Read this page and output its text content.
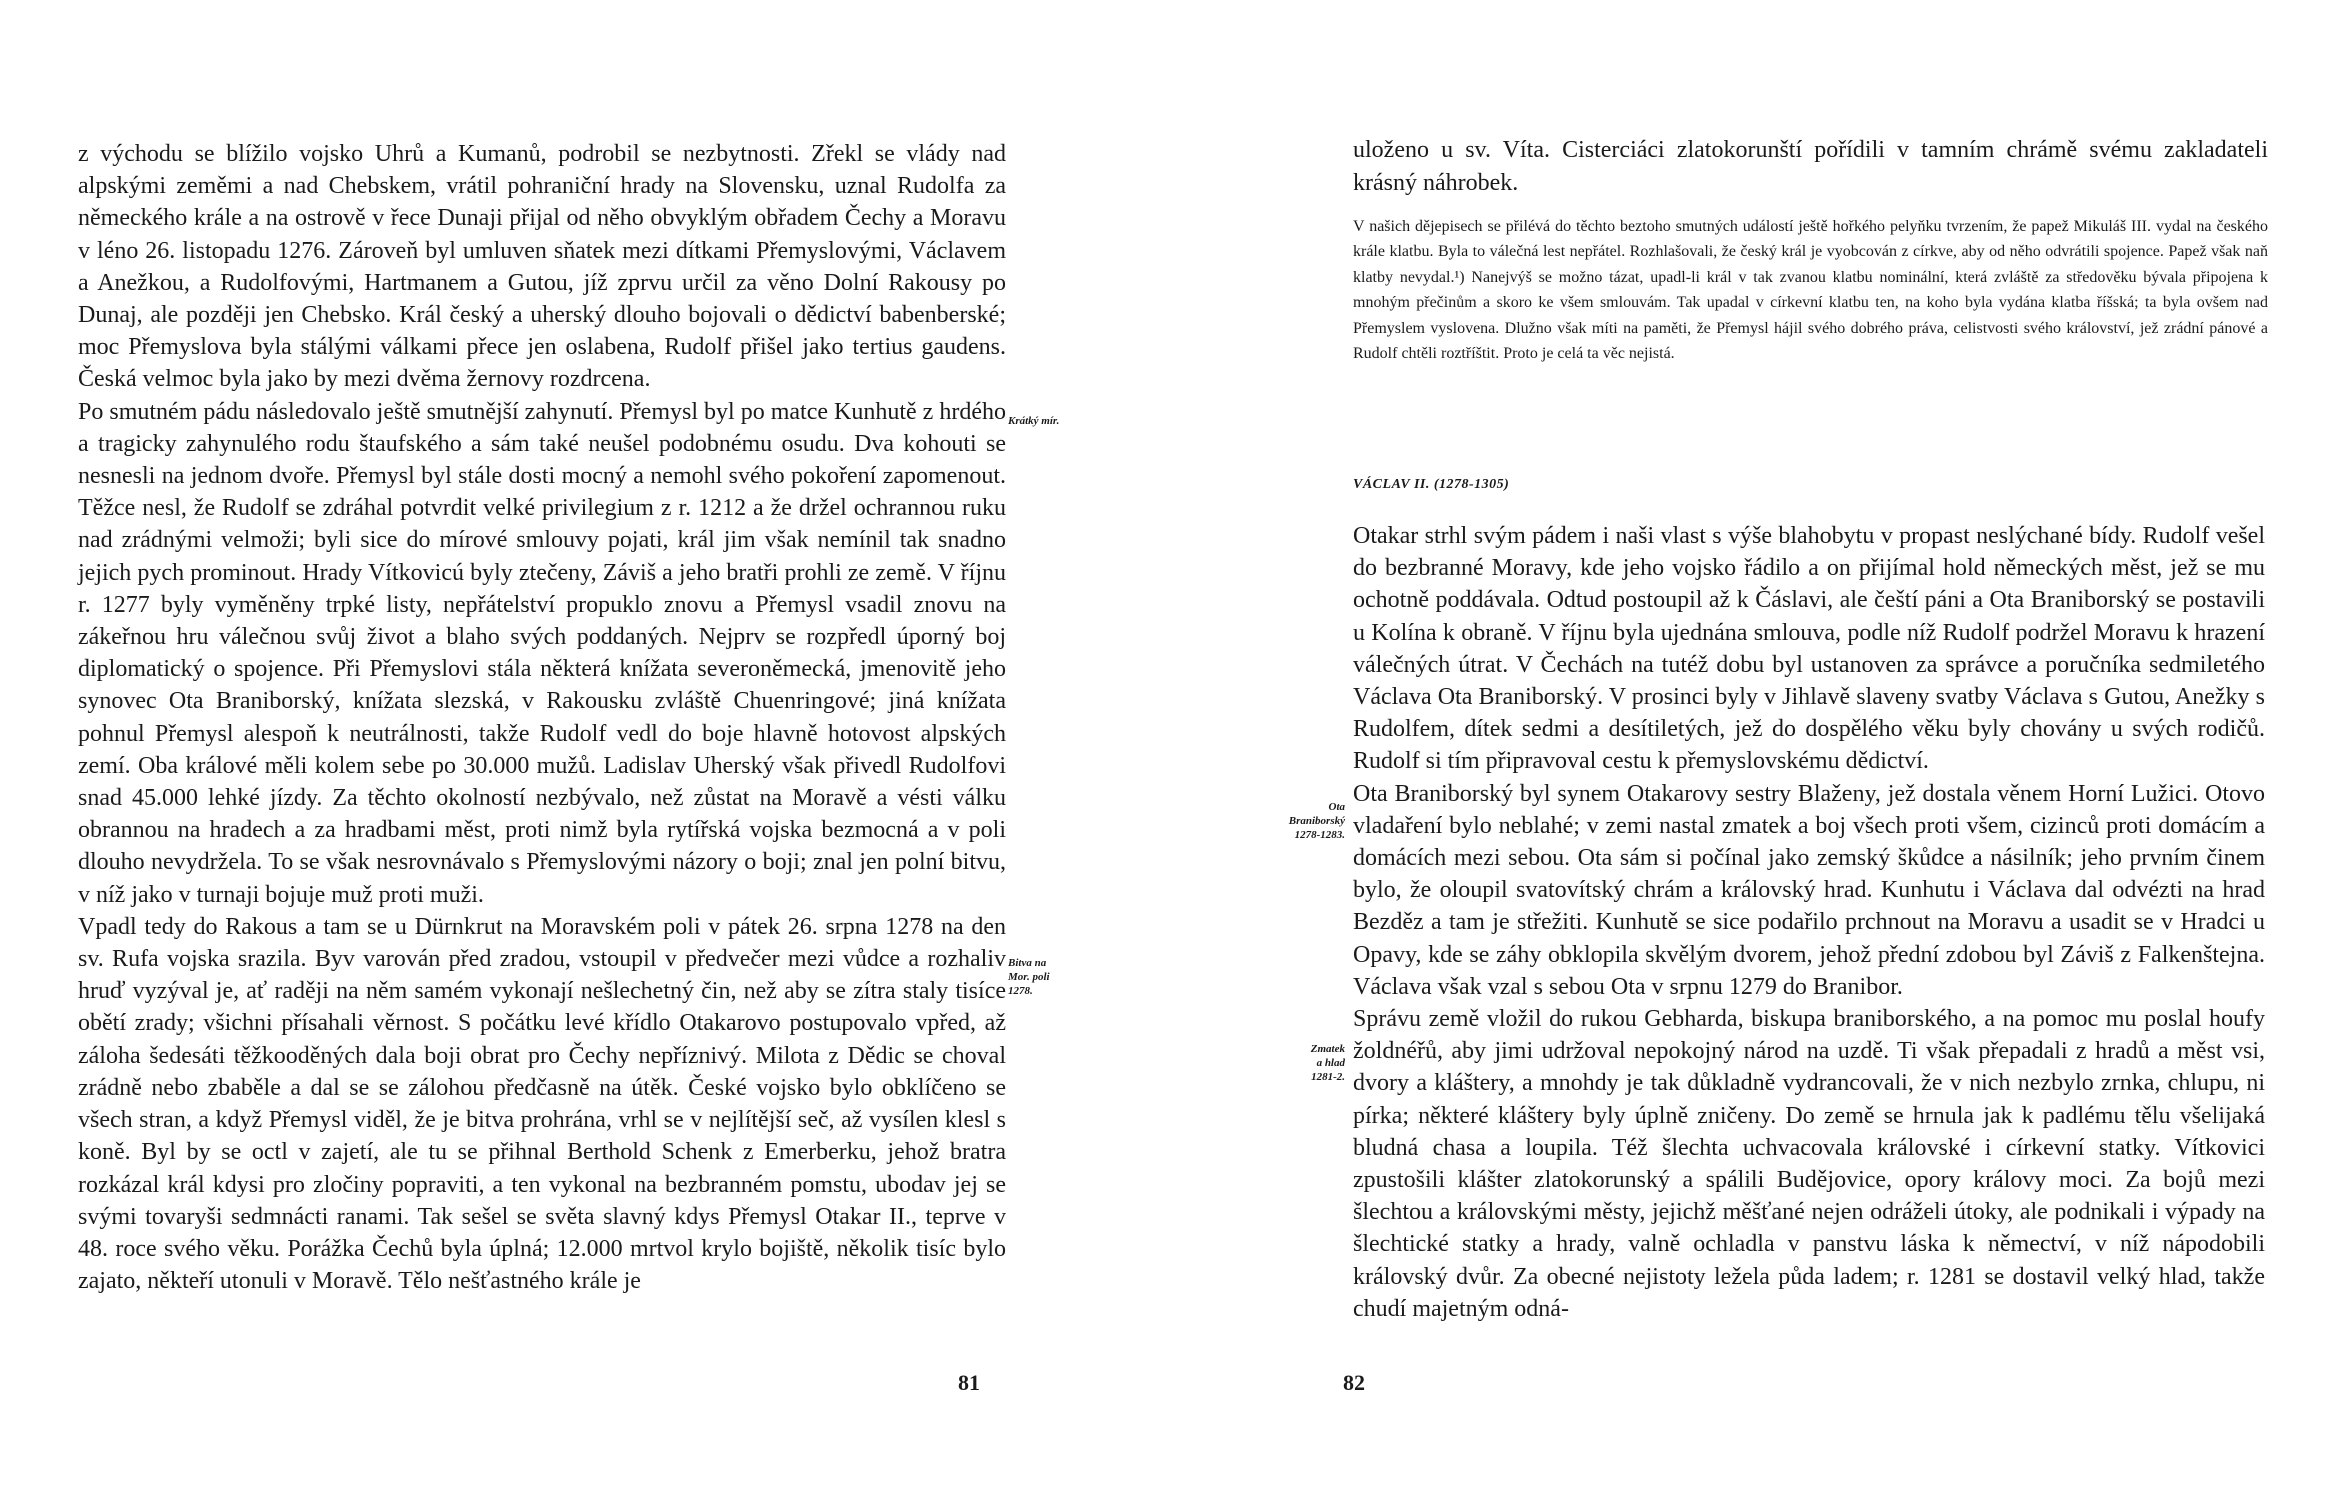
z východu se blížilo vojsko Uhrů a Kumanů, podrobil se nezbytnosti. Zřekl se vlády nad alpskými zeměmi a nad Chebskem, vrátil pohraniční hrady na Slovensku, uznal Rudolfa za německého krále a na ostrově v řece Dunaji přijal od něho obvyklým obřadem Čechy a Moravu v léno 26. listopadu 1276. Zároveň byl umluven sňatek mezi dítkami Přemyslovými, Václavem a Anežkou, a Rudolfovými, Hartmanem a Gutou, jíž zprvu určil za věno Dolní Rakousy po Dunaj, ale později jen Chebsko. Král český a uherský dlouho bojovali o dědictví babenberské; moc Přemyslova byla stálými válkami přece jen oslabena, Rudolf přišel jako tertius gaudens. Česká velmoc byla jako by mezi dvěma žernovy rozdrcena.

Po smutném pádu následovalo ještě smutnější zahynutí. Přemysl byl po matce Kunhutě z hrdého a tragicky zahynulého rodu štaufského a sám také neušel podobnému osudu. Dva kohouti se nesnesli na jednom dvoře. Přemysl byl stále dosti mocný a nemohl svého pokoření zapomenout. Těžce nesl, že Rudolf se zdráhal potvrdit velké privilegium z r. 1212 a že držel ochrannou ruku nad zrádnými velmoži; byli sice do mírové smlouvy pojati, král jim však nemínil tak snadno jejich pych prominout. Hrady Vítkovicú byly ztečeny, Záviš a jeho bratři prohli ze země. V říjnu r. 1277 byly vyměněny trpké listy, nepřátelství propuklo znovu a Přemysl vsadil znovu na zákeřnou hru válečnou svůj život a blaho svých poddaných. Nejprv se rozpředl úporný boj diplomatický o spojence. Při Přemyslovi stála některá knížata severoněmecká, jmenovitě jeho synovec Ota Braniborský, knížata slezská, v Rakousku zvláště Chuenringové; jiná knížata pohnul Přemysl alespoň k neutrálnosti, takže Rudolf vedl do boje hlavně hotovost alpských zemí. Oba králové měli kolem sebe po 30.000 mužů. Ladislav Uherský však přivedl Rudolfovi snad 45.000 lehké jízdy. Za těchto okolností nezbývalo, než zůstat na Moravě a vésti válku obrannou na hradech a za hradbami měst, proti nimž byla rytířská vojska bezmocná a v poli dlouho nevydržela. To se však nesrovnávalo s Přemyslovými názory o boji; znal jen polní bitvu, v níž jako v turnaji bojuje muž proti muži.

Vpadl tedy do Rakous a tam se u Dürnkrut na Moravském poli v pátek 26. srpna 1278 na den sv. Rufa vojska srazila. Byv varován před zradou, vstoupil v předvečer mezi vůdce a rozhaliv hruď vyzýval je, ať raději na něm samém vykonají nešlechetný čin, než aby se zítra staly tisíce obětí zrady; všichni přísahali věrnost. S počátku levé křídlo Otakarovo postupovalo vpřed, až záloha šedesáti těžkooděných dala boji obrat pro Čechy nepříznivý. Milota z Dědic se choval zrádně nebo zbaběle a dal se se zálohou předčasně na útěk. České vojsko bylo obklíčeno se všech stran, a když Přemysl viděl, že je bitva prohrána, vrhl se v nejlítější seč, až vysílen klesl s koně. Byl by se octl v zajetí, ale tu se přihnal Berthold Schenk z Emerberku, jehož bratra rozkázal král kdysi pro zločiny popraviti, a ten vykonal na bezbranném pomstu, ubodav jej se svými tovaryši sedmnácti ranami. Tak sešel se světa slavný kdys Přemysl Otakar II., teprve v 48. roce svého věku. Porážka Čechů byla úplná; 12.000 mrtvol krylo bojiště, několik tisíc bylo zajato, někteří utonuli v Moravě. Tělo nešťastného krále je

Krátký mír.
Bitva na
Mor. poli
1278.

81

uloženo u sv. Víta. Cisterciáci zlatokorunští pořídili v tamním chrámě svému zakladateli krásný náhrobek.

V našich dějepisech se přilévá do těchto beztoho smutných událostí ještě hořkého pelyňku tvrzením, že papež Mikuláš III. vydal na českého krále klatbu. Byla to válečná lest nepřátel. Rozhlašovali, že český král je vyobcován z církve, aby od něho odvrátili spojence. Papež však naň klatby nevydal.¹) Nanejvýš se možno tázat, upadl-li král v tak zvanou klatbu nominální, která zvláště za středověku bývala připojena k mnohým přečinům a skoro ke všem smlouvám. Tak upadal v církevní klatbu ten, na koho byla vydána klatba říšská; ta byla ovšem nad Přemyslem vyslovena. Dlužno však míti na paměti, že Přemysl hájil svého dobrého práva, celistvosti svého království, jež zrádní pánové a Rudolf chtěli roztříštit. Proto je celá ta věc nejistá.

VÁCLAV II. (1278-1305)

Otakar strhl svým pádem i naši vlast s výše blahobytu v propast neslýchané bídy. Rudolf vešel do bezbranné Moravy, kde jeho vojsko řádilo a on přijímal hold německých měst, jež se mu ochotně poddávala. Odtud postoupil až k Čáslavi, ale čeští páni a Ota Braniborský se postavili u Kolína k obraně. V říjnu byla ujednána smlouva, podle níž Rudolf podržel Moravu k hrazení válečných útrat. V Čechách na tutéž dobu byl ustanoven za správce a poručníka sedmiletého Václava Ota Braniborský. V prosinci byly v Jihlavě slaveny svatby Václava s Gutou, Anežky s Rudolfem, dítek sedmi a desítiletých, jež do dospělého věku byly chovány u svých rodičů. Rudolf si tím připravoval cestu k přemyslovskému dědictví.

Ota Braniborský byl synem Otakarovy sestry Blaženy, jež dostala věnem Horní Lužici. Otovo vladaření bylo neblahé; v zemi nastal zmatek a boj všech proti všem, cizinců proti domácím a domácích mezi sebou. Ota sám si počínal jako zemský škůdce a násilník; jeho prvním činem bylo, že oloupil svatovítský chrám a královský hrad. Kunhutu i Václava dal odvézti na hrad Bezděz a tam je střežiti. Kunhutě se sice podařilo prchnout na Moravu a usadit se v Hradci u Opavy, kde se záhy obklopila skvělým dvorem, jehož přední zdobou byl Záviš z Falkenštejna. Václava však vzal s sebou Ota v srpnu 1279 do Branibor.

Správu země vložil do rukou Gebharda, biskupa braniborského, a na pomoc mu poslal houfy žoldnéřů, aby jimi udržoval nepokojný národ na uzdě. Ti však přepadali z hradů a měst vsi, dvory a kláštery, a mnohdy je tak důkladně vydrancovali, že v nich nezbylo zrnka, chlupu, ni pírka; některé kláštery byly úplně zničeny. Do země se hrnula jak k padlému tělu všelijaká bludná chasa a loupila. Též šlechta uchvacovala královské i církevní statky. Vítkovici zpustošili klášter zlatokorunský a spálili Budějovice, opory královy moci. Za bojů mezi šlechtou a královskými městy, jejichž měšťané nejen odráželi útoky, ale podnikali i výpady na šlechtické statky a hrady, valně ochladla v panstvu láska k němectví, v níž nápodobili královský dvůr. Za obecné nejistoty ležela půda ladem; r. 1281 se dostavil velký hlad, takže chudí majetným odná-

Ota
Braniborský
1278-1283.
Zmatek
a hlad
1281-2.

82
